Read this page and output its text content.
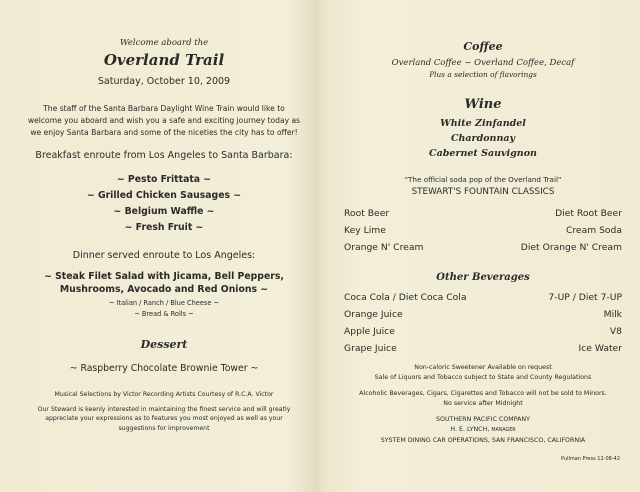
Welcome aboard the

Overland Trail

Saturday, October 10, 2009

The staff of the Santa Barbara Daylight Wine Train would like to welcome you aboard and wish you a safe and exciting journey today as we enjoy Santa Barbara and some of the niceties the city has to offer!

Breakfast enroute from Los Angeles to Santa Barbara:

~ Pesto Frittata ~

~ Grilled Chicken Sausages ~

~ Belgium Waffle ~

~ Fresh Fruit ~

Dinner served enroute to Los Angeles:

~ Steak Filet Salad with Jicama, Bell Peppers, Mushrooms, Avocado and Red Onions ~

~ Italian / Ranch / Blue Cheese ~

~ Bread & Rolls ~

Dessert

~ Raspberry Chocolate Brownie Tower ~

Musical Selections by Victor Recording Artists Courtesy of R.C.A. Victor

Our Steward is keenly interested in maintaining the finest service and will greatly appreciate your expressions as to features you most enjoyed as well as your suggestions for improvement

Coffee

Overland Coffee ~ Overland Coffee, Decaf

Plus a selection of flavorings

Wine

White Zinfandel

Chardonnay

Cabernet Sauvignon

"The official soda pop of the Overland Trail"

STEWART'S FOUNTAIN CLASSICS

Root Beer	Diet Root Beer
Key Lime	Cream Soda
Orange N' Cream	Diet Orange N' Cream

Other Beverages

Coca Cola / Diet Coca Cola	7-UP / Diet 7-UP
Orange Juice	Milk
Apple Juice	V8
Grape Juice	Ice Water

Non-caloric Sweetener Available on request

Sale of Liquors and Tobacco subject to State and County Regulations

Alcoholic Beverages, Cigars, Cigarettes and Tobacco will not be sold to Minors.

No service after Midnight

SOUTHERN PACIFIC COMPANY

H. E. LYNCH, MANAGER

SYSTEM DINING CAR OPERATIONS, SAN FRANCISCO, CALIFORNIA

Pullman Press 12-08-42
